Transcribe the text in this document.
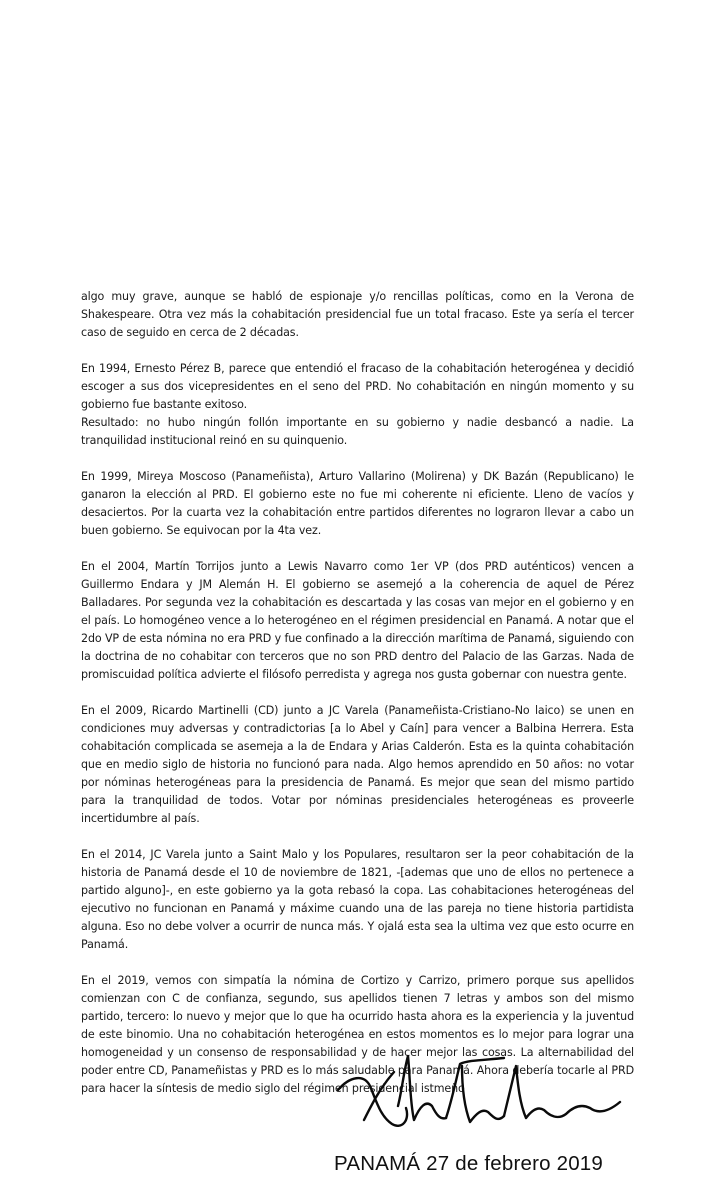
algo muy grave, aunque se habló de espionaje y/o rencillas políticas, como en la Verona de Shakespeare. Otra vez más la cohabitación presidencial fue un total fracaso. Este ya sería el tercer caso de seguido en cerca de 2 décadas.

En 1994, Ernesto Pérez B, parece que entendió el fracaso de la cohabitación heterogénea y decidió escoger a sus dos vicepresidentes en el seno del PRD. No cohabitación en ningún momento y su gobierno fue bastante exitoso.

Resultado: no hubo ningún follón importante en su gobierno y nadie desbancó a nadie. La tranquilidad institucional reinó en su quinquenio.

En 1999, Mireya Moscoso (Panameñista), Arturo Vallarino (Molirena) y DK Bazán (Republicano) le ganaron la elección al PRD. El gobierno este no fue mi coherente ni eficiente. Lleno de vacíos y desaciertos. Por la cuarta vez la cohabitación entre partidos diferentes no lograron llevar a cabo un buen gobierno. Se equivocan por la 4ta vez.

En el 2004, Martín Torrijos junto a Lewis Navarro como 1er VP (dos PRD auténticos) vencen a Guillermo Endara y JM Alemán H. El gobierno se asemejó a la coherencia de aquel de Pérez Balladares. Por segunda vez la cohabitación es descartada y las cosas van mejor en el gobierno y en el país. Lo homogéneo vence a lo heterogéneo en el régimen presidencial en Panamá. A notar que el 2do VP de esta nómina no era PRD y fue confinado a la dirección marítima de Panamá, siguiendo con la doctrina de no cohabitar con terceros que no son PRD dentro del Palacio de las Garzas. Nada de promiscuidad política advierte el filósofo perredista y agrega nos gusta gobernar con nuestra gente.

En el 2009, Ricardo Martinelli (CD) junto a JC Varela (Panameñista-Cristiano-No laico) se unen en condiciones muy adversas y contradictorias [a lo Abel y Caín] para vencer a Balbina Herrera. Esta cohabitación complicada se asemeja a la de Endara y Arias Calderón. Esta es la quinta cohabitación que en medio siglo de historia no funcionó para nada. Algo hemos aprendido en 50 años: no votar por nóminas heterogéneas para la presidencia de Panamá. Es mejor que sean del mismo partido para la tranquilidad de todos. Votar por nóminas presidenciales heterogéneas es proveerle incertidumbre al país.

En el 2014, JC Varela junto a Saint Malo y los Populares, resultaron ser la peor cohabitación de la historia de Panamá desde el 10 de noviembre de 1821, -[ademas que uno de ellos no pertenece a partido alguno]-, en este gobierno ya la gota rebasó la copa. Las cohabitaciones heterogéneas del ejecutivo no funcionan en Panamá y máxime cuando una de las pareja no tiene historia partidista alguna. Eso no debe volver a ocurrir de nunca más. Y ojalá esta sea la ultima vez que esto ocurre en Panamá.

En el 2019, vemos con simpatía la nómina de Cortizo y Carrizo, primero porque sus apellidos comienzan con C de confianza, segundo, sus apellidos tienen 7 letras y ambos son del mismo partido, tercero: lo nuevo y mejor que lo que ha ocurrido hasta ahora es la experiencia y la juventud de este binomio. Una no cohabitación heterogénea en estos momentos es lo mejor para lograr una homogeneidad y un consenso de responsabilidad y de hacer mejor las cosas. La alternabilidad del poder entre CD, Panameñistas y PRD es lo más saludable para Panamá. Ahora debería tocarle al PRD para hacer la síntesis de medio siglo del régimen presidencial istmeño

PANAMÁ 27 de febrero 2019
